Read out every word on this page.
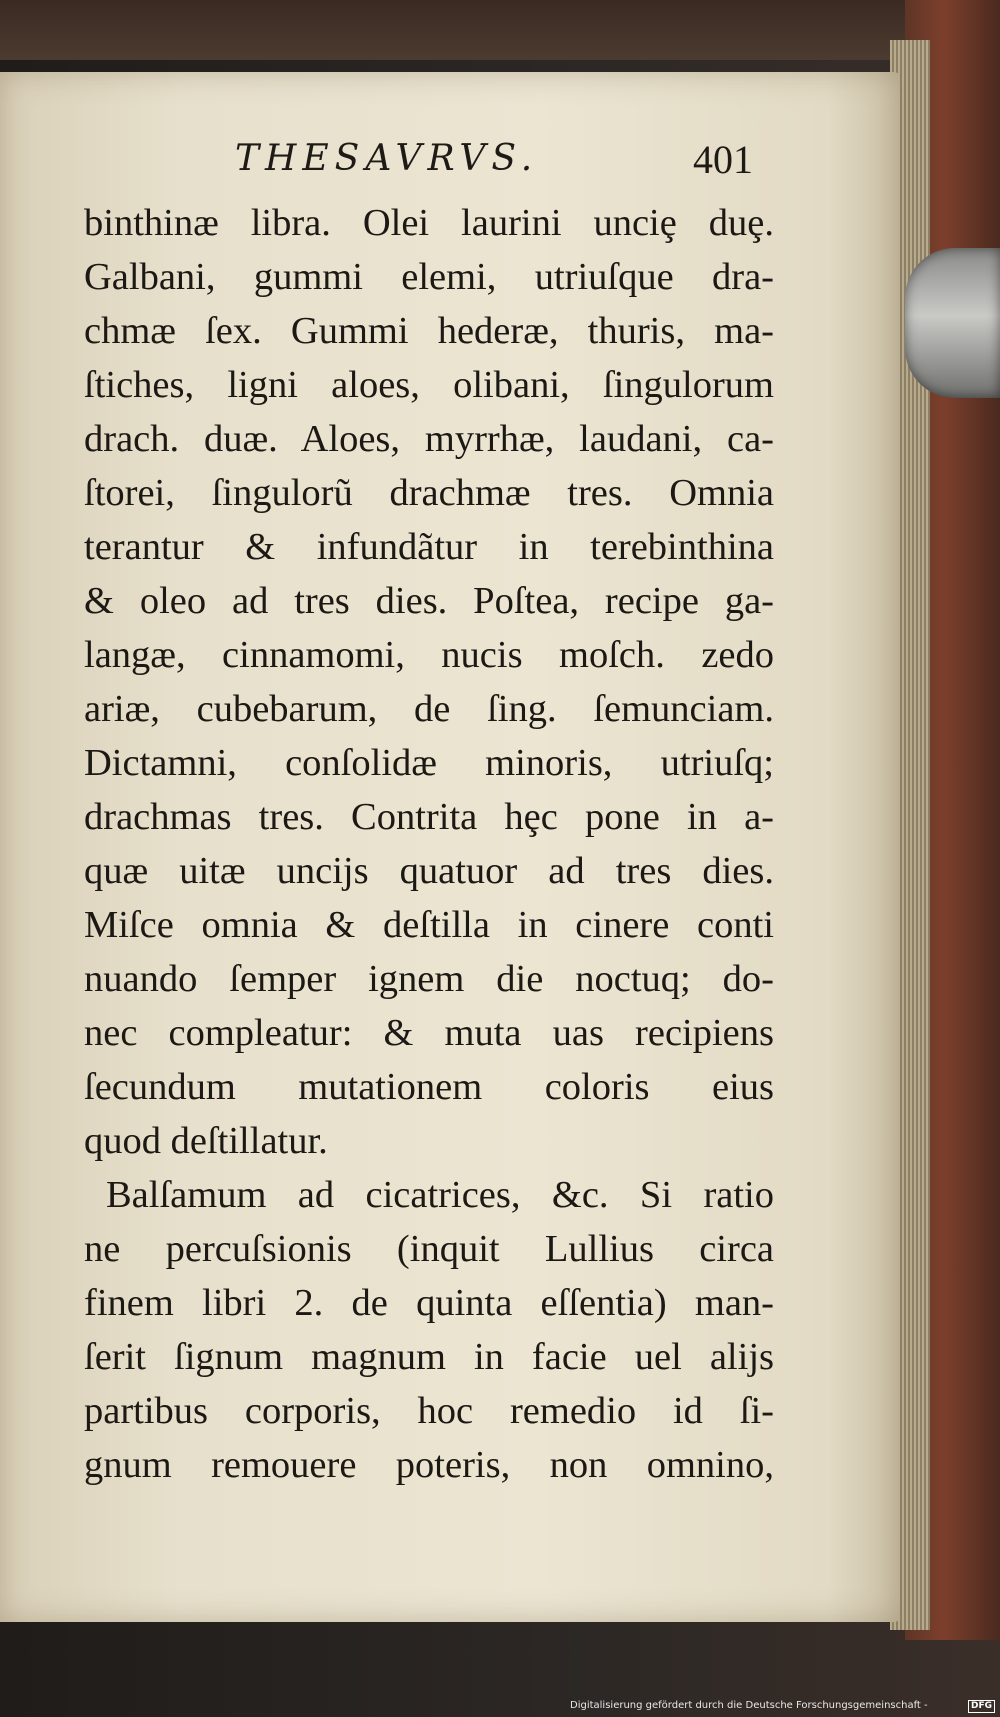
THESAVRVS.	401
binthinæ libra. Olei laurini unciȩ duȩ.
Galbani, gummi elemi, utriuſque dra-
chmæ ſex. Gummi hederæ, thuris, ma-
ſtiches, ligni aloes, olibani, ſingulorum
drach. duæ. Aloes, myrrhæ, laudani, ca-
ſtorei, ſingulorũ drachmæ tres. Omnia
terantur & infundãtur in terebinthina
& oleo ad tres dies. Poſtea, recipe ga-
langæ, cinnamomi, nucis moſch. zedo
ariæ, cubebarum, de ſing. ſemunciam.
Dictamni, conſolidæ minoris, utriuſq;
drachmas tres. Contrita hȩc pone in a-
quæ uitæ uncijs quatuor ad tres dies.
Miſce omnia & deſtilla in cinere conti
nuando ſemper ignem die noctuq; do-
nec compleatur: & muta uas recipiens
ſecundum mutationem coloris eius
quod deſtillatur.
Balſamum ad cicatrices, &c. Si ratio
ne percuſsionis (inquit Lullius circa
finem libri 2. de quinta eſſentia) man-
ſerit ſignum magnum in facie uel alijs
partibus corporis, hoc remedio id ſi-
gnum remouere poteris, non omnino,
Digitalisierung gefördert durch die Deutsche Forschungsgemeinschaft -	DFG
